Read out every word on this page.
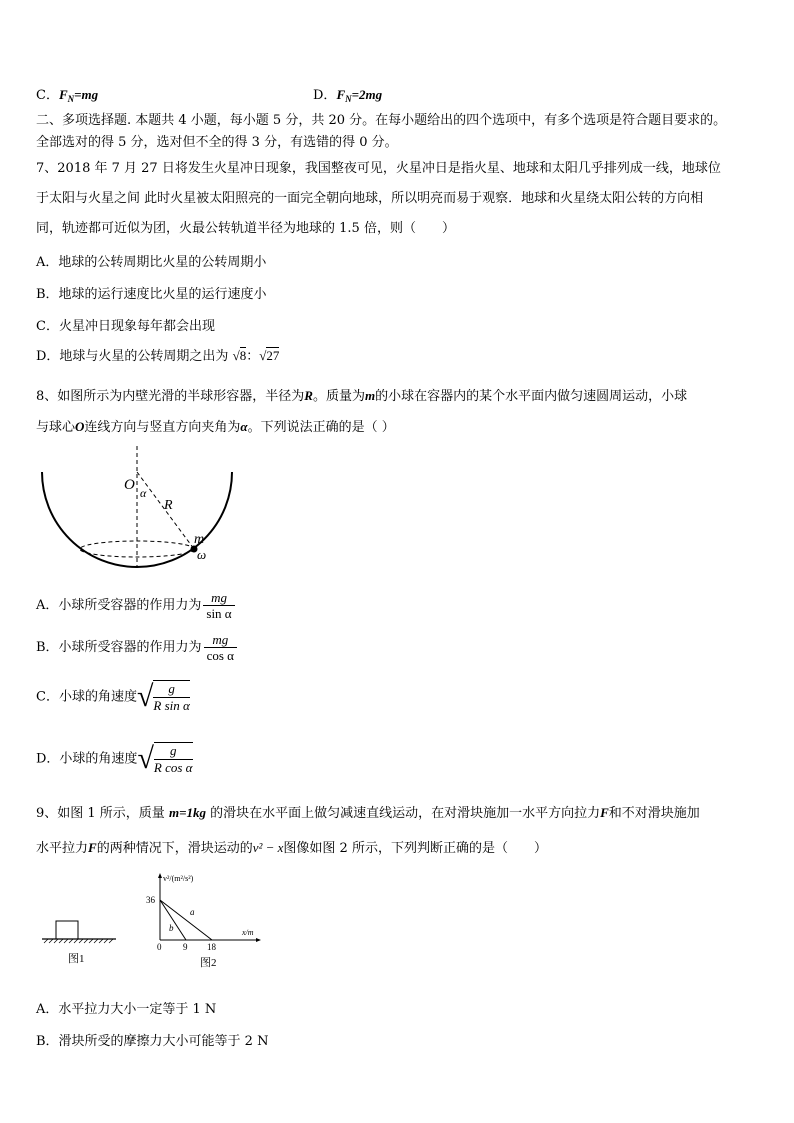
C．$F_N=mg$	D．$F_N=2mg$
二、多项选择题. 本题共 4 小题，每小题 5 分，共 20 分。在每小题给出的四个选项中，有多个选项是符合题目要求的。
全部选对的得 5 分，选对但不全的得 3 分，有选错的得 0 分。
7、2018 年 7 月 27 日将发生火星冲日现象，我国整夜可见，火星冲日是指火星、地球和太阳几乎排列成一线，地球位
于太阳与火星之间 此时火星被太阳照亮的一面完全朝向地球，所以明亮而易于观察．地球和火星绕太阳公转的方向相
同，轨迹都可近似为团，火最公转轨道半径为地球的 1.5 倍，则（　　）
A．地球的公转周期比火星的公转周期小
B．地球的运行速度比火星的运行速度小
C．火星冲日现象每年都会出现
D．地球与火星的公转周期之出为 √8：√27
8、如图所示为内壁光滑的半球形容器，半径为R。质量为m的小球在容器内的某个水平面内做匀速圆周运动，小球
与球心O连线方向与竖直方向夹角为α。下列说法正确的是（ ）
O α
R
m
ω
A．小球所受容器的作用力为 $\frac{mg}{\text{sin α}}$
B．小球所受容器的作用力为 $\frac{mg}{\text{cos α}}$
C．小球的角速度√ $\frac{g}{\text{R sin α}}$
D．小球的角速度√ $\frac{g}{\text{R cos α}}$
9、如图 1 所示，质量 m=1kg 的滑块在水平面上做匀减速直线运动，在对滑块施加一水平方向拉力F和不对滑块施加
水平拉力F的两种情况下，滑块运动的v² − x图像如图 2 所示，下列判断正确的是（　　）
图1
v²/(m²/s²)
x/m
36
0 9 18
a
b
图2
A．水平拉力大小一定等于 1 N
B．滑块所受的摩擦力大小可能等于 2 N
